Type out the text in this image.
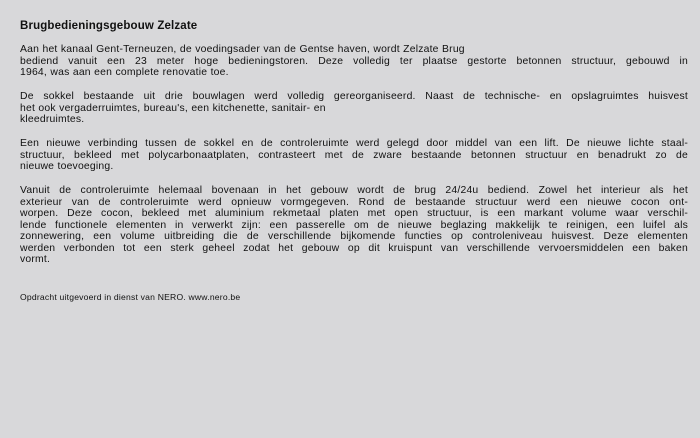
Brugbedieningsgebouw Zelzate
Aan het kanaal Gent-Terneuzen, de voedingsader van de Gentse haven, wordt Zelzate Brug
bediend vanuit een 23 meter hoge bedieningstoren. Deze volledig ter plaatse gestorte betonnen structuur, gebouwd in
1964, was aan een complete renovatie toe.
De sokkel bestaande uit drie bouwlagen werd volledig gereorganiseerd. Naast de technische- en opslagruimtes huisvest
het ook vergaderruimtes, bureau's, een kitchenette, sanitair- en
kleedruimtes.
Een nieuwe verbinding tussen de sokkel en de controleruimte werd gelegd door middel van een lift. De nieuwe lichte staal-
structuur, bekleed met polycarbonaatplaten, contrasteert met de zware bestaande betonnen structuur en benadrukt zo de
nieuwe toevoeging.
Vanuit de controleruimte helemaal bovenaan in het gebouw wordt de brug 24/24u bediend. Zowel het interieur als het
exterieur van de controleruimte werd opnieuw vormgegeven. Rond de bestaande structuur werd een nieuwe cocon ont-
worpen. Deze cocon, bekleed met aluminium rekmetaal platen met open structuur, is een markant volume waar verschil-
lende functionele elementen in verwerkt zijn: een passerelle om de nieuwe beglazing makkelijk te reinigen, een luifel als
zonnewering, een volume uitbreiding die de verschillende bijkomende functies op controleniveau huisvest. Deze elementen
werden verbonden tot een sterk geheel zodat het gebouw op dit kruispunt van verschillende vervoersmiddelen een baken
vormt.
Opdracht uitgevoerd in dienst van NERO. www.nero.be
